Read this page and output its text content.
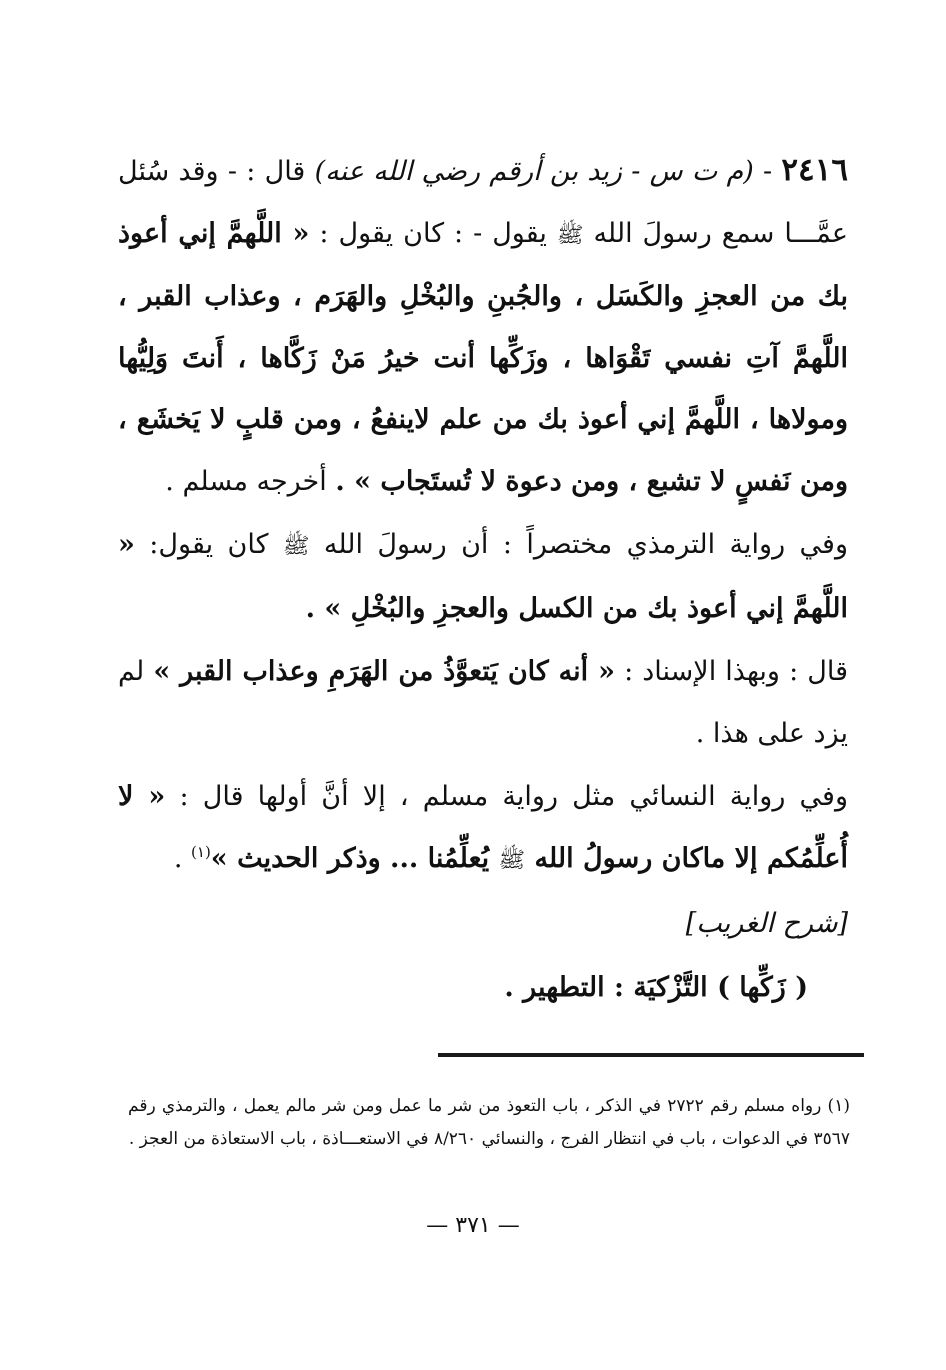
٢٤١٦ - (م ت س - زيد بن أرقم رضي الله عنه) قال : - وقد سُئل عمَّـــا سمع رسولَ الله ﷺ يقول - : كان يقول : « اللَّهمَّ إني أعوذ بك من العجزِ والكَسَل ، والجُبنِ والبُخْلِ والهَرَم ، وعذاب القبر ، اللَّهمَّ آتِ نفسي تَقْوَاها ، وزَكِّها أنت خيرُ مَنْ زَكَّاها ، أَنتَ وَلِيُّها ومولاها ، اللَّهمَّ إني أعوذ بك من علم لاينفعُ ، ومن قلبٍ لا يَخشَع ، ومن نَفسٍ لا تشبع ، ومن دعوة لا تُستَجاب » . أخرجه مسلم .

وفي رواية الترمذي مختصراً : أن رسولَ الله ﷺ كان يقول: « اللَّهمَّ إني أعوذ بك من الكسل والعجزِ والبُخْلِ » .

قال : وبهذا الإسناد : « أنه كان يَتعوَّذُ من الهَرَمِ وعذاب القبر » لم يزد على هذا .

وفي رواية النسائي مثل رواية مسلم ، إلا أنَّ أولها قال : « لا أُعلِّمُكم إلا ماكان رسولُ الله ﷺ يُعلِّمُنا ... وذكر الحديث »$^{(١)}$ .

[شرح الغريب]

( زَكِّها ) التَّزْكيَة : التطهير .

(١) رواه مسلم رقم ٢٧٢٢ في الذكر ، باب التعوذ من شر ما عمل ومن شر مالم يعمل ، والترمذي رقم ٣٥٦٧ في الدعوات ، باب في انتظار الفرج ، والنسائي ٨/٢٦٠ في الاستعـــاذة ، باب الاستعاذة من العجز .

— ٣٧١ —
